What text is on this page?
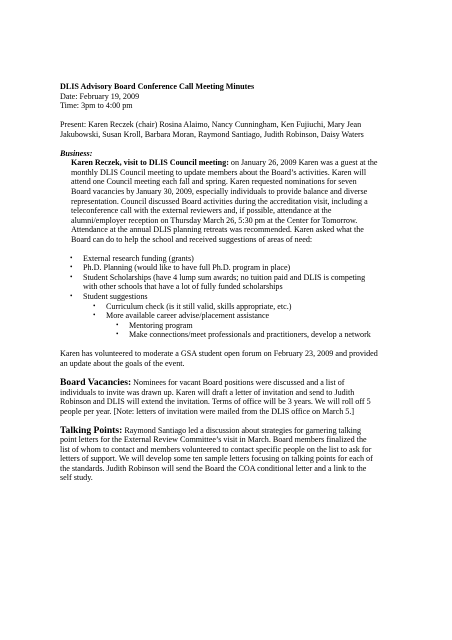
DLIS Advisory Board Conference Call Meeting Minutes

Date: February 19, 2009

Time: 3pm to 4:00 pm

Present: Karen Reczek (chair) Rosina Alaimo, Nancy Cunningham, Ken Fujiuchi, Mary Jean Jakubowski, Susan Kroll, Barbara Moran, Raymond Santiago, Judith Robinson, Daisy Waters

Business:

Karen Reczek, visit to DLIS Council meeting: on January 26, 2009 Karen was a guest at the monthly DLIS Council meeting to update members about the Board’s activities. Karen will attend one Council meeting each fall and spring. Karen requested nominations for seven Board vacancies by January 30, 2009, especially individuals to provide balance and diverse representation. Council discussed Board activities during the accreditation visit, including a teleconference call with the external reviewers and, if possible, attendance at the alumni/employer reception on Thursday March 26, 5:30 pm at the Center for Tomorrow. Attendance at the annual DLIS planning retreats was recommended. Karen asked what the Board can do to help the school and received suggestions of areas of need:

• External research funding (grants)
• Ph.D. Planning (would like to have full Ph.D. program in place)
• Student Scholarships (have 4 lump sum awards; no tuition paid and DLIS is competing with other schools that have a lot of fully funded scholarships
• Student suggestions
• Curriculum check (is it still valid, skills appropriate, etc.)
• More available career advise/placement assistance
• Mentoring program
• Make connections/meet professionals and practitioners, develop a network

Karen has volunteered to moderate a GSA student open forum on February 23, 2009 and provided an update about the goals of the event.

Board Vacancies: Nominees for vacant Board positions were discussed and a list of individuals to invite was drawn up. Karen will draft a letter of invitation and send to Judith Robinson and DLIS will extend the invitation. Terms of office will be 3 years. We will roll off 5 people per year. [Note: letters of invitation were mailed from the DLIS office on March 5.]

Talking Points: Raymond Santiago led a discussion about strategies for garnering talking point letters for the External Review Committee’s visit in March. Board members finalized the list of whom to contact and members volunteered to contact specific people on the list to ask for letters of support. We will develop some ten sample letters focusing on talking points for each of the standards. Judith Robinson will send the Board the COA conditional letter and a link to the self study.
